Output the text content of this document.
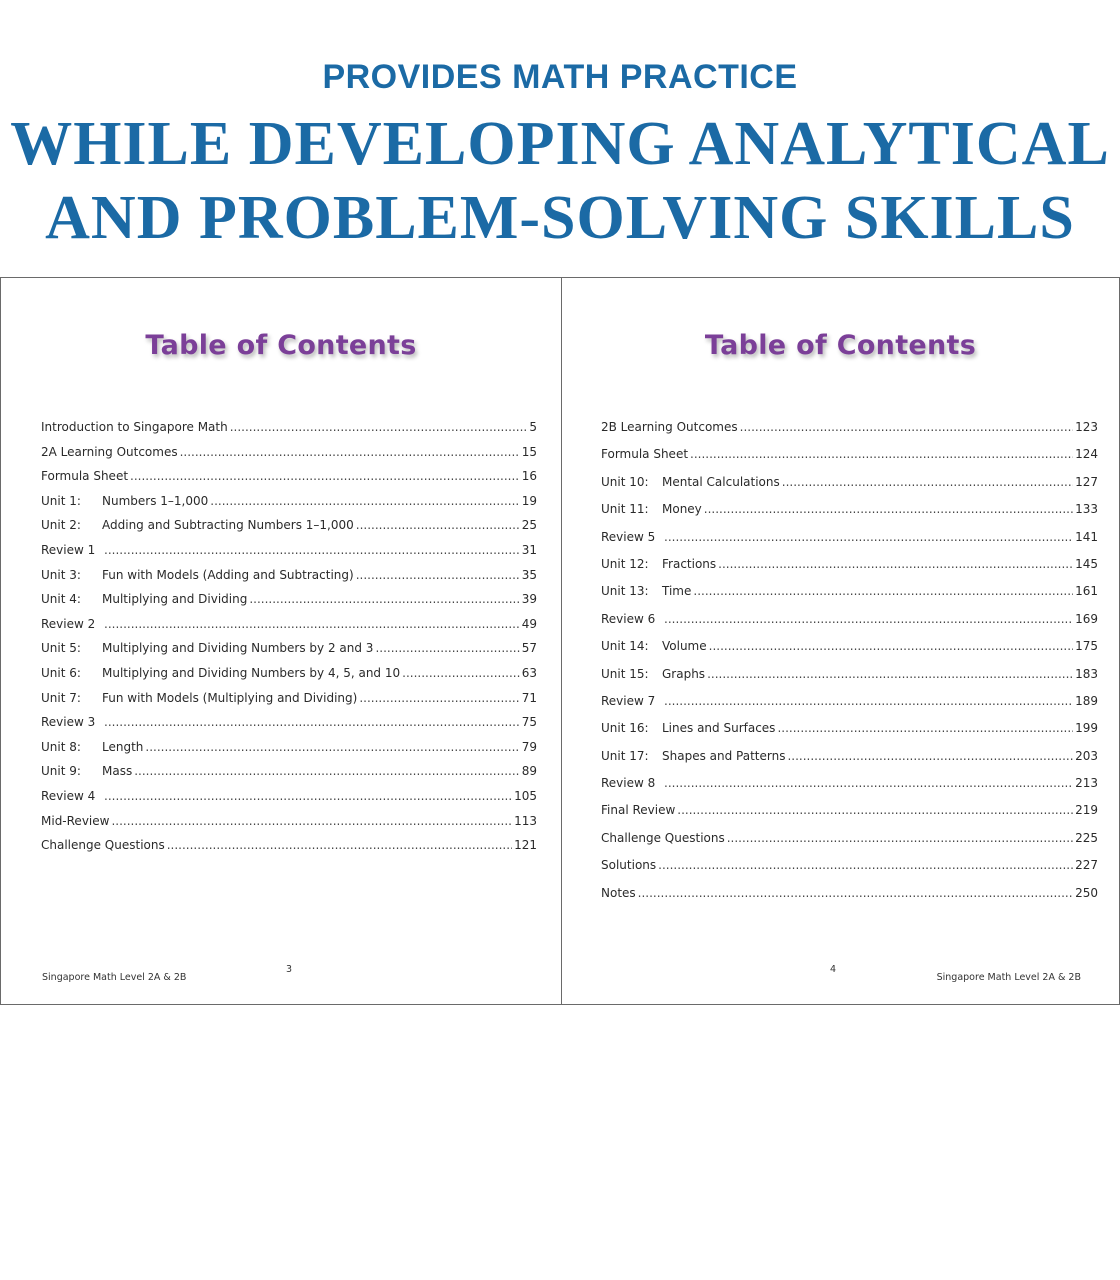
PROVIDES MATH PRACTICE
WHILE DEVELOPING ANALYTICAL
AND PROBLEM-SOLVING SKILLS
Table of Contents
Introduction to Singapore Math .....	5
2A Learning Outcomes .....	15
Formula Sheet .....	16
Unit 1:	Numbers 1–1,000 .....	19
Unit 2:	Adding and Subtracting Numbers 1–1,000 .....	25
Review 1 .....	31
Unit 3:	Fun with Models (Adding and Subtracting) .....	35
Unit 4:	Multiplying and Dividing .....	39
Review 2 .....	49
Unit 5:	Multiplying and Dividing Numbers by 2 and 3 .....	57
Unit 6:	Multiplying and Dividing Numbers by 4, 5, and 10 .....	63
Unit 7:	Fun with Models (Multiplying and Dividing) .....	71
Review 3 .....	75
Unit 8:	Length .....	79
Unit 9:	Mass .....	89
Review 4 .....	105
Mid-Review .....	113
Challenge Questions .....	121
Singapore Math Level 2A & 2B
3
Table of Contents
2B Learning Outcomes .....	123
Formula Sheet .....	124
Unit 10:	Mental Calculations .....	127
Unit 11:	Money .....	133
Review 5 .....	141
Unit 12:	Fractions .....	145
Unit 13:	Time .....	161
Review 6 .....	169
Unit 14:	Volume .....	175
Unit 15:	Graphs .....	183
Review 7 .....	189
Unit 16:	Lines and Surfaces .....	199
Unit 17:	Shapes and Patterns .....	203
Review 8 .....	213
Final Review .....	219
Challenge Questions .....	225
Solutions .....	227
Notes .....	250
4
Singapore Math Level 2A & 2B
